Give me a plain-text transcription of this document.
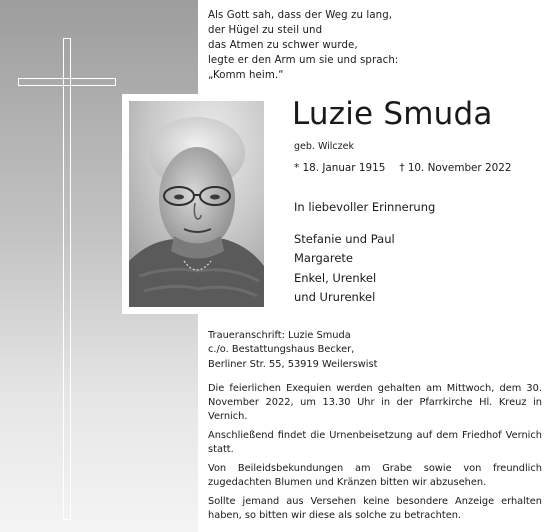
Als Gott sah, dass der Weg zu lang,
der Hügel zu steil und
das Atmen zu schwer wurde,
legte er den Arm um sie und sprach:
„Komm heim.“
Luzie Smuda
geb. Wilczek
* 18. Januar 1915 † 10. November 2022
In liebevoller Erinnerung
Stefanie und Paul
Margarete
Enkel, Urenkel
und Ururenkel
Traueranschrift: Luzie Smuda
c./o. Bestattungshaus Becker,
Berliner Str. 55, 53919 Weilerswist

Die feierlichen Exequien werden gehalten am Mittwoch, dem 30. November 2022, um 13.30 Uhr in der Pfarrkirche Hl. Kreuz in Vernich.

Anschließend findet die Urnenbeisetzung auf dem Friedhof Vernich statt.

Von Beileidsbekundungen am Grabe sowie von freundlich zugedachten Blumen und Kränzen bitten wir abzusehen.

Sollte jemand aus Versehen keine besondere Anzeige erhalten haben, so bitten wir diese als solche zu betrachten.
